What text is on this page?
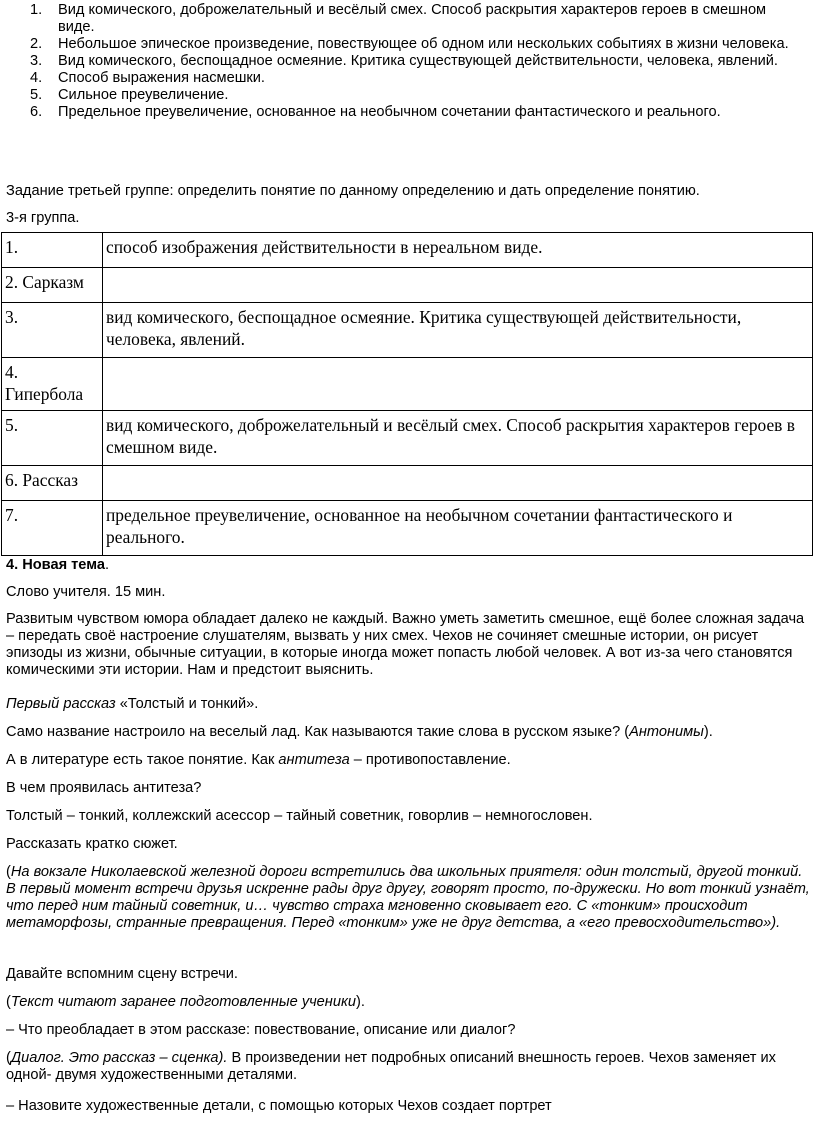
1. Вид комического, доброжелательный и весёлый смех. Способ раскрытия характеров героев в смешном виде.
2. Небольшое эпическое произведение, повествующее об одном или нескольких событиях в жизни человека.
3. Вид комического, беспощадное осмеяние. Критика существующей действительности, человека, явлений.
4. Способ выражения насмешки.
5. Сильное преувеличение.
6. Предельное преувеличение, основанное на необычном сочетании фантастического и реального.

Задание третьей группе: определить понятие по данному определению и дать определение понятию.

3-я группа.

1.	способ изображения действительности в нереальном виде.
2. Сарказм	
3.	вид комического, беспощадное осмеяние. Критика существующей действительности, человека, явлений.
4. Гипербола	
5.	вид комического, доброжелательный и весёлый смех. Способ раскрытия характеров героев в смешном виде.
6. Рассказ	
7.	предельное преувеличение, основанное на необычном сочетании фантастического и реального.

4. Новая тема.

Слово учителя. 15 мин.

Развитым чувством юмора обладает далеко не каждый. Важно уметь заметить смешное, ещё более сложная задача – передать своё настроение слушателям, вызвать у них смех. Чехов не сочиняет смешные истории, он рисует эпизоды из жизни, обычные ситуации, в которые иногда может попасть любой человек. А вот из-за чего становятся комическими эти истории. Нам и предстоит выяснить.

Первый рассказ «Толстый и тонкий».

Само название настроило на веселый лад. Как называются такие слова в русском языке? (Антонимы).

А в литературе есть такое понятие. Как антитеза – противопоставление.

В чем проявилась антитеза?

Толстый – тонкий, коллежский асессор – тайный советник, говорлив – немногословен.

Рассказать кратко сюжет.

(На вокзале Николаевской железной дороги встретились два школьных приятеля: один толстый, другой тонкий. В первый момент встречи друзья искренне рады друг другу, говорят просто, по-дружески. Но вот тонкий узнаёт, что перед ним тайный советник, и… чувство страха мгновенно сковывает его. С «тонким» происходит метаморфозы, странные превращения. Перед «тонким» уже не друг детства, а «его превосходительство»).

Давайте вспомним сцену встречи.

(Текст читают заранее подготовленные ученики).

– Что преобладает в этом рассказе: повествование, описание или диалог?

(Диалог. Это рассказ – сценка). В произведении нет подробных описаний внешность героев. Чехов заменяет их одной- двумя художественными деталями.

– Назовите художественные детали, с помощью которых Чехов создает портрет
